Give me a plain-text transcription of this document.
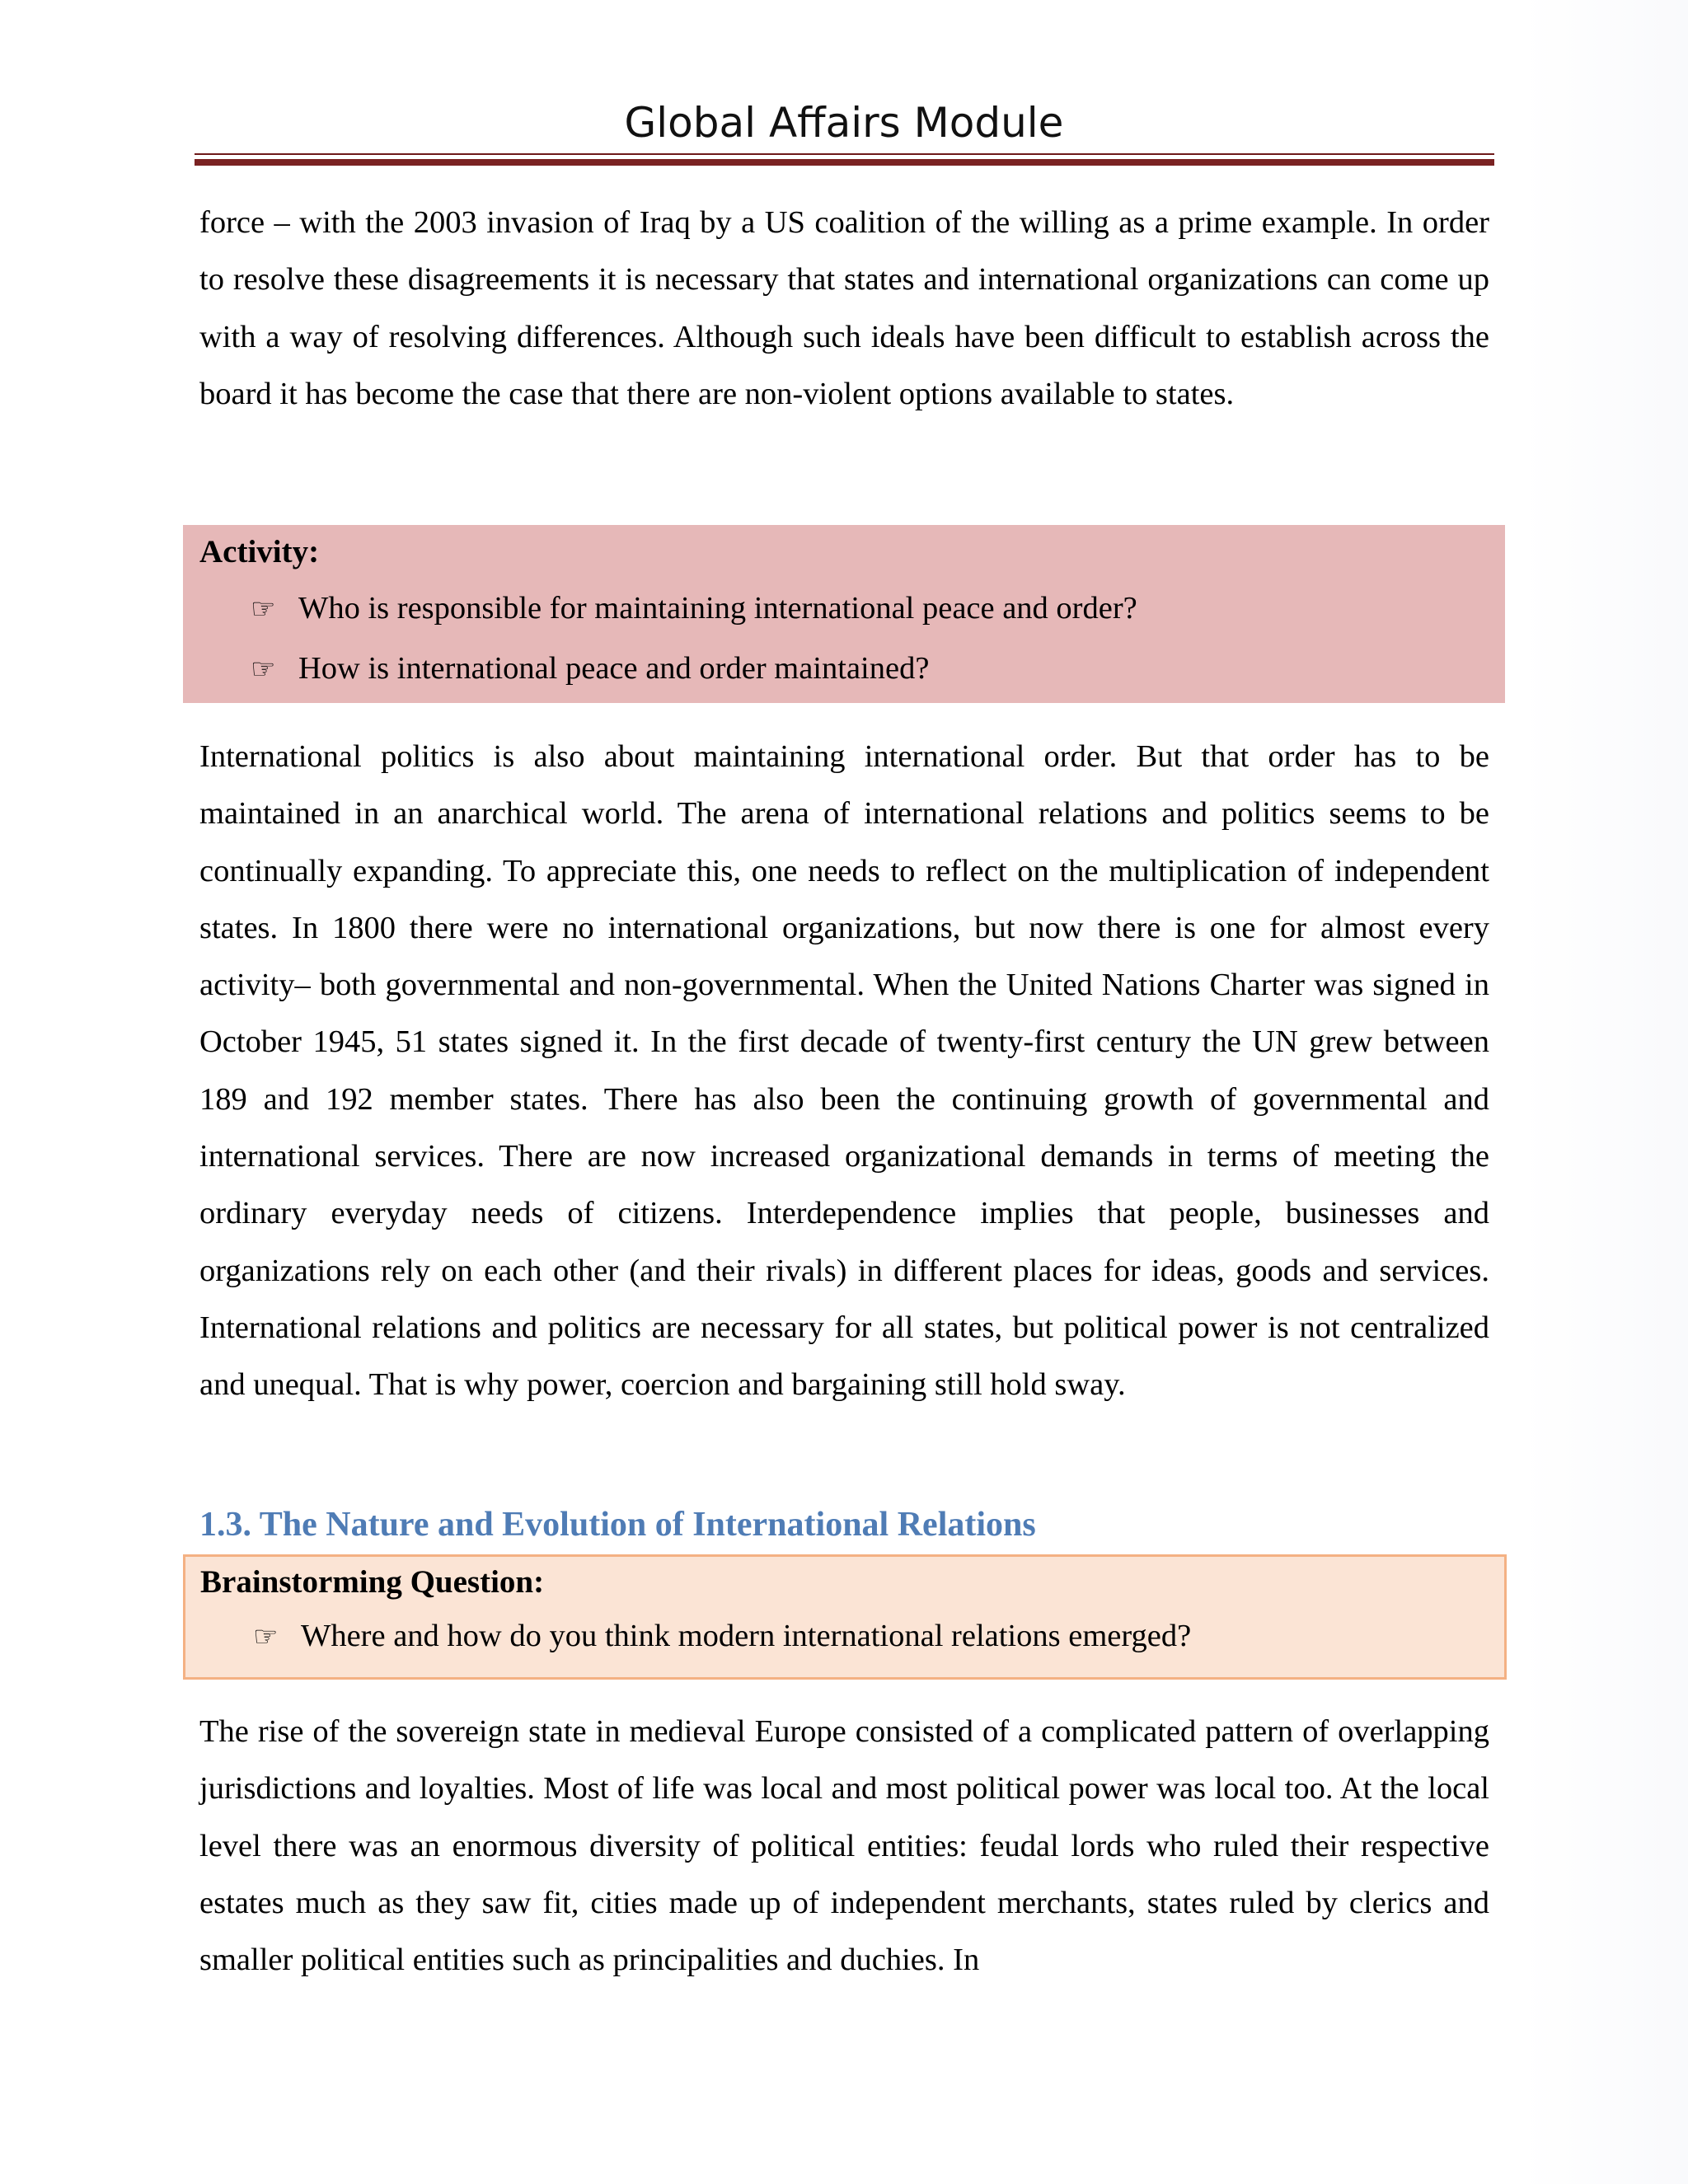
Global Affairs Module

force – with the 2003 invasion of Iraq by a US coalition of the willing as a prime example. In order to resolve these disagreements it is necessary that states and international organizations can come up with a way of resolving differences. Although such ideals have been difficult to establish across the board it has become the case that there are non-violent options available to states.

Activity:
☞ Who is responsible for maintaining international peace and order?
☞ How is international peace and order maintained?

International politics is also about maintaining international order. But that order has to be maintained in an anarchical world. The arena of international relations and politics seems to be continually expanding. To appreciate this, one needs to reflect on the multiplication of independent states. In 1800 there were no international organizations, but now there is one for almost every activity– both governmental and non-governmental. When the United Nations Charter was signed in October 1945, 51 states signed it. In the first decade of twenty-first century the UN grew between 189 and 192 member states. There has also been the continuing growth of governmental and international services. There are now increased organizational demands in terms of meeting the ordinary everyday needs of citizens. Interdependence implies that people, businesses and organizations rely on each other (and their rivals) in different places for ideas, goods and services. International relations and politics are necessary for all states, but political power is not centralized and unequal. That is why power, coercion and bargaining still hold sway.

1.3. The Nature and Evolution of International Relations
Brainstorming Question:
☞ Where and how do you think modern international relations emerged?

The rise of the sovereign state in medieval Europe consisted of a complicated pattern of overlapping jurisdictions and loyalties. Most of life was local and most political power was local too. At the local level there was an enormous diversity of political entities: feudal lords who ruled their respective estates much as they saw fit, cities made up of independent merchants, states ruled by clerics and smaller political entities such as principalities and duchies. In
